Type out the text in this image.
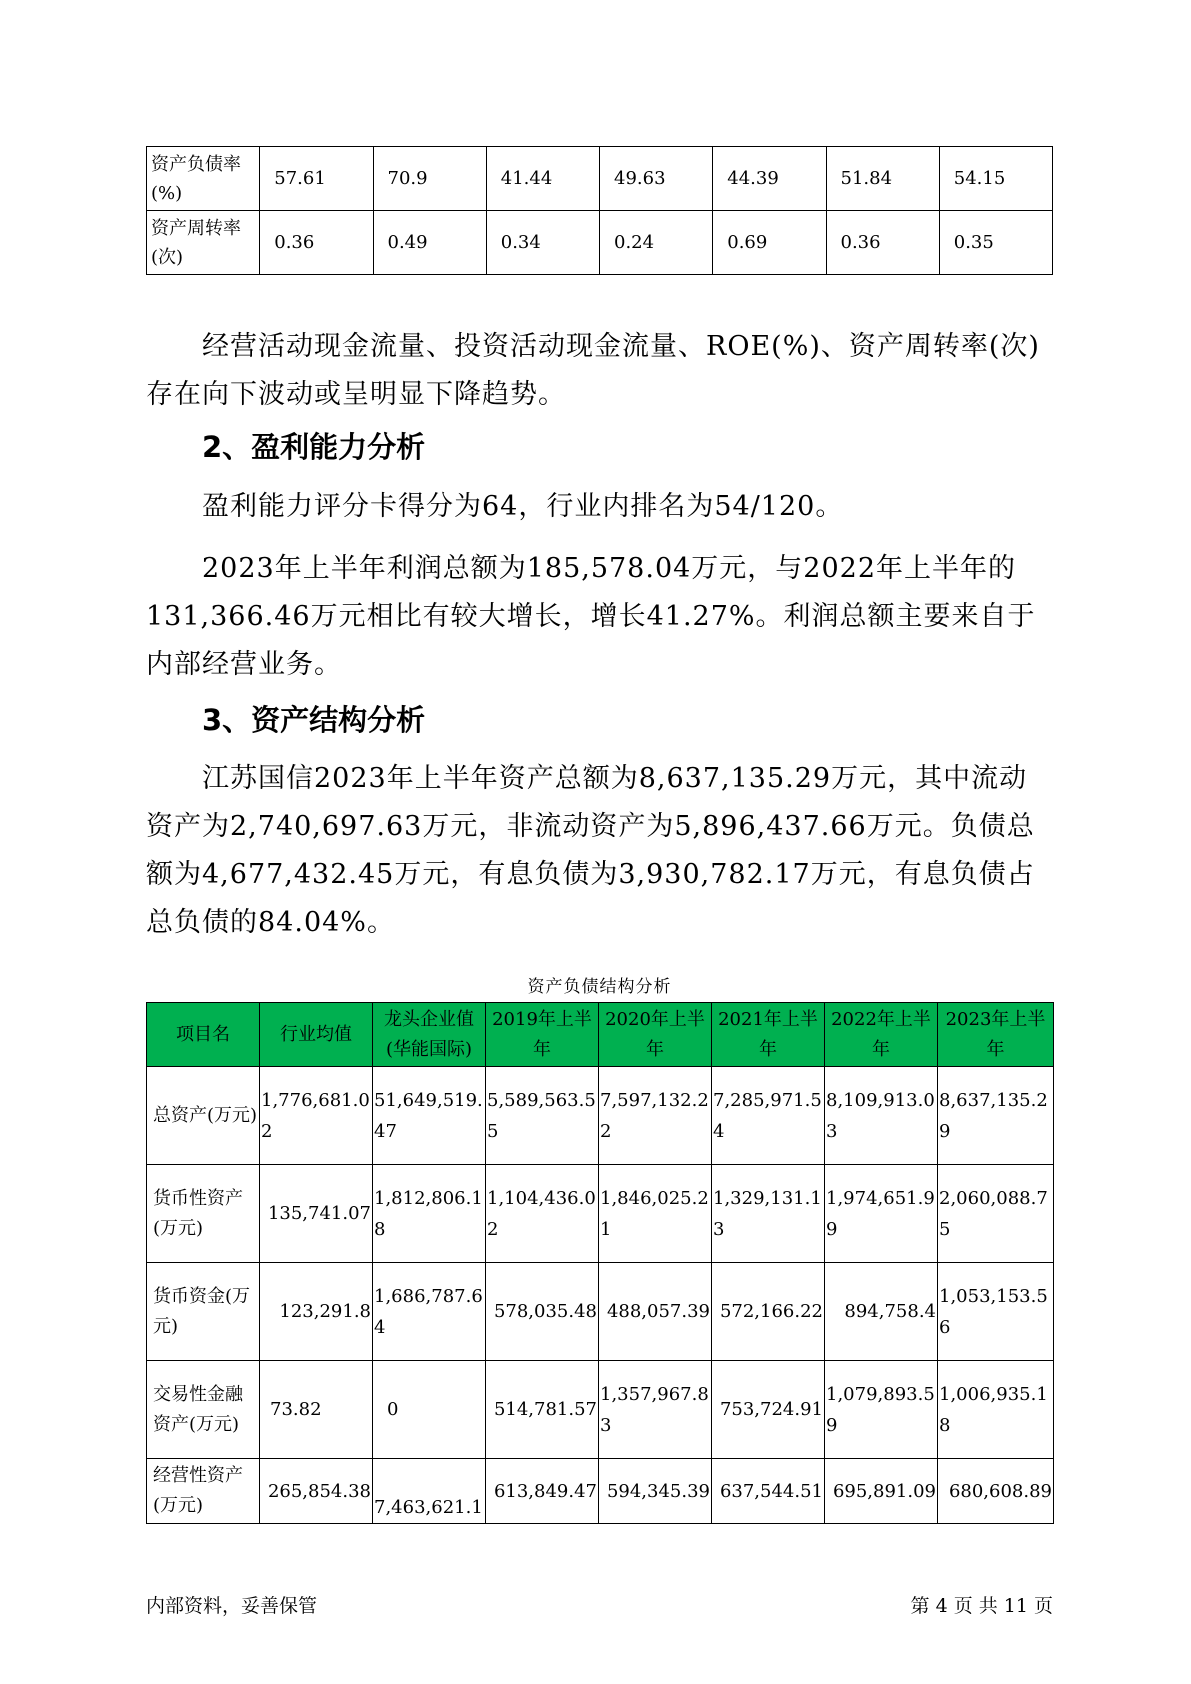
资产负债率(%)	57.61	70.9	41.44	49.63	44.39	51.84	54.15
资产周转率(次)	0.36	0.49	0.34	0.24	0.69	0.36	0.35

经营活动现金流量、投资活动现金流量、ROE(%)、资产周转率(次)存在向下波动或呈明显下降趋势。

2、盈利能力分析

盈利能力评分卡得分为64，行业内排名为54/120。

2023年上半年利润总额为185,578.04万元，与2022年上半年的131,366.46万元相比有较大增长，增长41.27%。利润总额主要来自于内部经营业务。

3、资产结构分析

江苏国信2023年上半年资产总额为8,637,135.29万元，其中流动资产为2,740,697.63万元，非流动资产为5,896,437.66万元。负债总额为4,677,432.45万元，有息负债为3,930,782.17万元，有息负债占总负债的84.04%。

资产负债结构分析
项目名	行业均值	龙头企业值(华能国际)	2019年上半年	2020年上半年	2021年上半年	2022年上半年	2023年上半年
总资产(万元)	1,776,681.02	51,649,519.47	5,589,563.55	7,597,132.22	7,285,971.54	8,109,913.03	8,637,135.29
货币性资产(万元)	135,741.07	1,812,806.18	1,104,436.02	1,846,025.21	1,329,131.13	1,974,651.99	2,060,088.75
货币资金(万元)	123,291.8	1,686,787.64	578,035.48	488,057.39	572,166.22	894,758.4	1,053,153.56
交易性金融资产(万元)	73.82	0	514,781.57	1,357,967.83	753,724.91	1,079,893.59	1,006,935.18
经营性资产(万元)	265,854.38	7,463,621.1	613,849.47	594,345.39	637,544.51	695,891.09	680,608.89
内部资料，妥善保管	第 4 页 共 11 页
